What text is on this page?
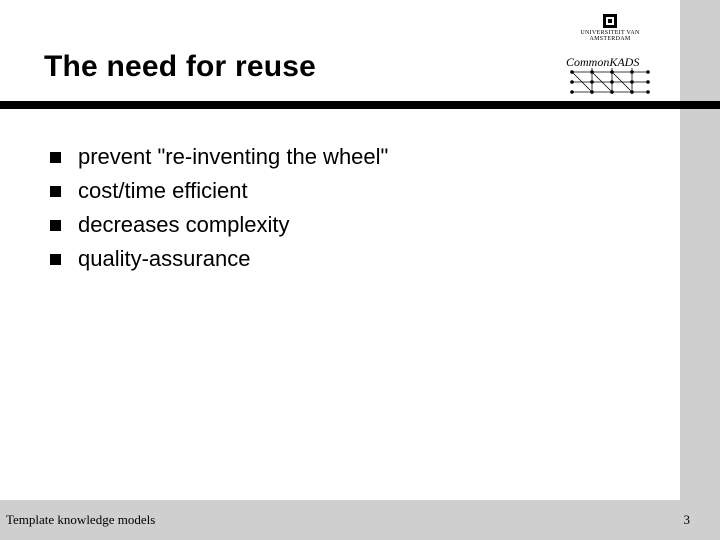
The need for reuse
UNIVERSITEIT VAN AMSTERDAM
CommonKADS
prevent "re-inventing the wheel"
cost/time efficient
decreases complexity
quality-assurance
Template knowledge models	3
